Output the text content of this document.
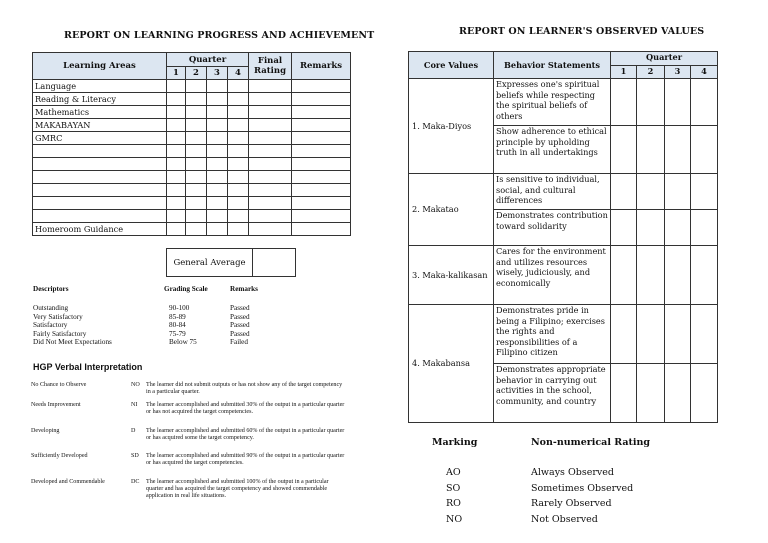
REPORT ON LEARNING PROGRESS AND ACHIEVEMENT
Learning Areas	Quarter				Final Rating	Remarks
	1	2	3	4		
Language						
Reading & Literacy						
Mathematics						
MAKABAYAN						
GMRC						

Homeroom Guidance						
General Average	
Descriptors	Grading Scale	Remarks
Outstanding	90-100	Passed
Very Satisfactory	85-89	Passed
Satisfactory	80-84	Passed
Fairly Satisfactory	75-79	Passed
Did Not Meet Expectations	Below 75	Failed
HGP Verbal Interpretation
No Chance to Observe	NO The learner did not submit outputs or has not show any of the target competency in a particular quarter.
Needs Improvement	NI The learner accomplished and submitted 30% of the output in a particular quarter or has not acquired the target competencies.
Developing	D The learner accomplished and submitted 60% of the output in a particular quarter or has acquired some the target competency.
Sufficiently Developed	SD The learner accomplished and submitted 90% of the output in a particular quarter or has acquired the target competencies.
Developed and Commendable	DC The learner accomplished and submitted 100% of the output in a particular quarter and has acquired the target competency and showed commendable application in real life situations.
REPORT ON LEARNER'S OBSERVED VALUES
Core Values	Behavior Statements	Quarter			
		1	2	3	4
1. Maka-Diyos	Expresses one's spiritual beliefs while respecting the spiritual beliefs of others				
	Show adherence to ethical principle by upholding truth in all undertakings				
2. Makatao	Is sensitive to individual, social, and cultural differences				
	Demonstrates contribution toward solidarity				
3. Maka-kalikasan	Cares for the environment and utilizes resources wisely, judiciously, and economically				
4. Makabansa	Demonstrates pride in being a Filipino; exercises the rights and responsibilities of a Filipino citizen				
	Demonstrates appropriate behavior in carrying out activities in the school, community, and country				
Marking	Non-numerical Rating
AO	Always Observed
SO	Sometimes Observed
RO	Rarely Observed
NO	Not Observed
